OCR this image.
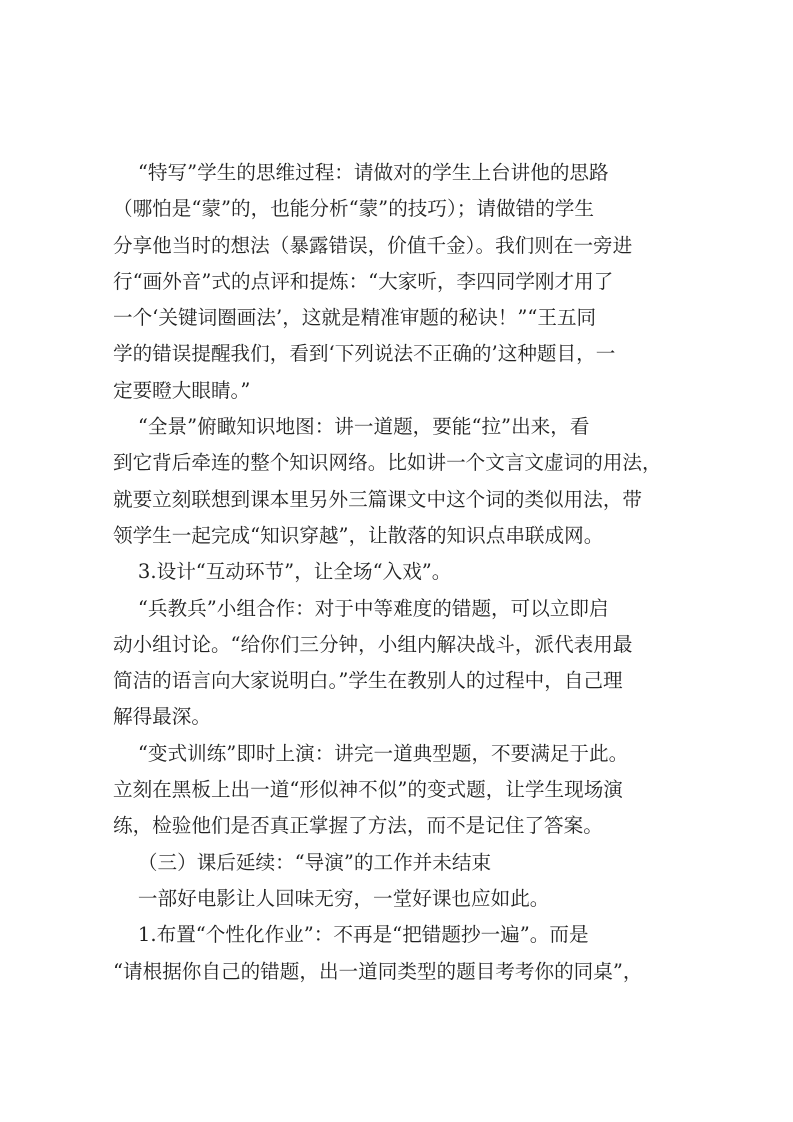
“特写”学生的思维过程：请做对的学生上台讲他的思路
（哪怕是“蒙”的，也能分析“蒙”的技巧）；请做错的学生
分享他当时的想法（暴露错误，价值千金）。我们则在一旁进
行“画外音”式的点评和提炼：“大家听，李四同学刚才用了
一个‘关键词圈画法’，这就是精准审题的秘诀！”“王五同
学的错误提醒我们，看到‘下列说法不正确的’这种题目，一
定要瞪大眼睛。”
“全景”俯瞰知识地图：讲一道题，要能“拉”出来，看
到它背后牵连的整个知识网络。比如讲一个文言文虚词的用法，
就要立刻联想到课本里另外三篇课文中这个词的类似用法，带
领学生一起完成“知识穿越”，让散落的知识点串联成网。
3.设计“互动环节”，让全场“入戏”。
“兵教兵”小组合作：对于中等难度的错题，可以立即启
动小组讨论。“给你们三分钟，小组内解决战斗，派代表用最
简洁的语言向大家说明白。”学生在教别人的过程中，自己理
解得最深。
“变式训练”即时上演：讲完一道典型题，不要满足于此。
立刻在黑板上出一道“形似神不似”的变式题，让学生现场演
练，检验他们是否真正掌握了方法，而不是记住了答案。
（三）课后延续：“导演”的工作并未结束
一部好电影让人回味无穷，一堂好课也应如此。
1.布置“个性化作业”：不再是“把错题抄一遍”。而是
“请根据你自己的错题，出一道同类型的题目考考你的同桌”，
